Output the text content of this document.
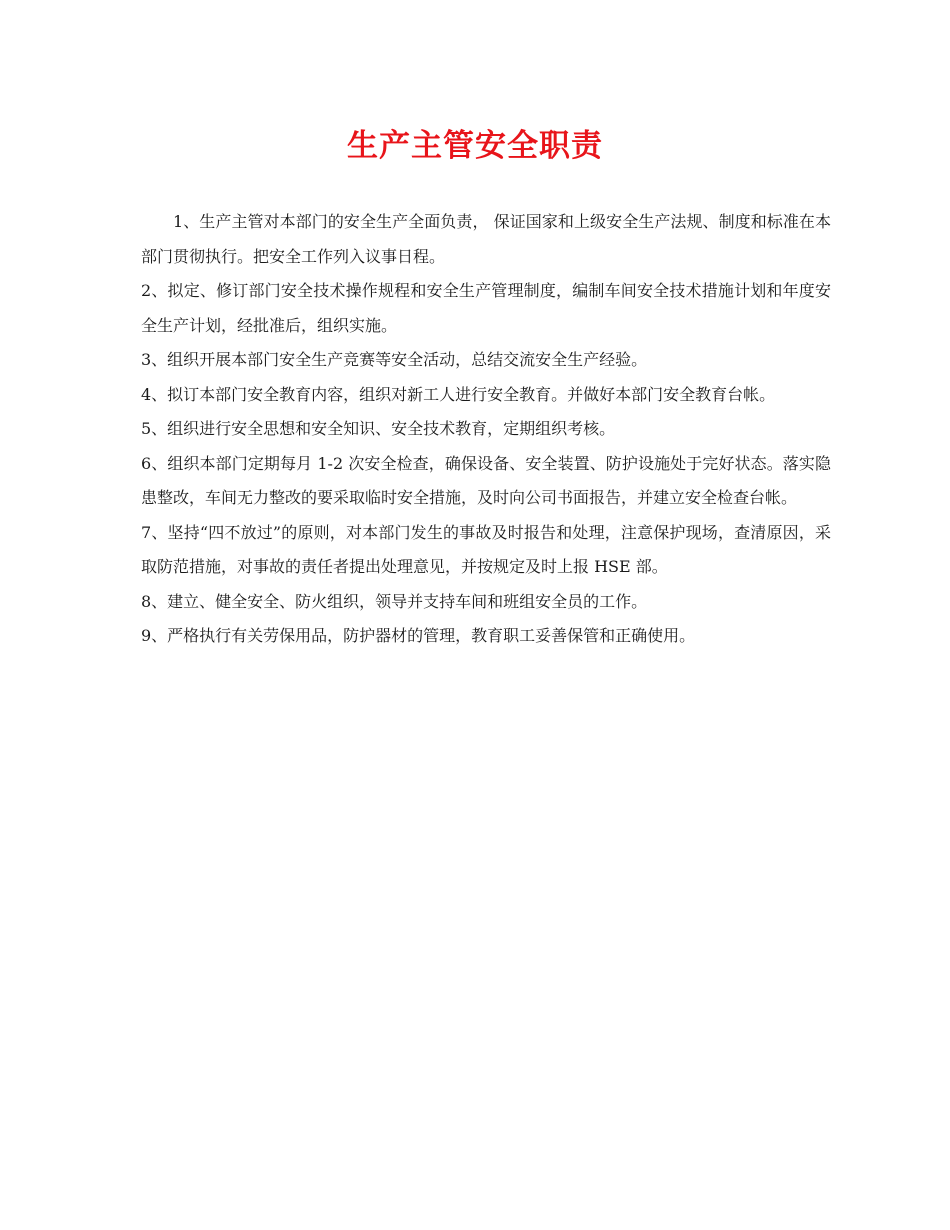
生产主管安全职责

1、生产主管对本部门的安全生产全面负责， 保证国家和上级安全生产法规、制度和标准在本部门贯彻执行。把安全工作列入议事日程。

2、拟定、修订部门安全技术操作规程和安全生产管理制度，编制车间安全技术措施计划和年度安全生产计划，经批准后，组织实施。

3、组织开展本部门安全生产竞赛等安全活动，总结交流安全生产经验。

4、拟订本部门安全教育内容，组织对新工人进行安全教育。并做好本部门安全教育台帐。

5、组织进行安全思想和安全知识、安全技术教育，定期组织考核。

6、组织本部门定期每月 1-2 次安全检查，确保设备、安全装置、防护设施处于完好状态。落实隐患整改，车间无力整改的要采取临时安全措施，及时向公司书面报告，并建立安全检查台帐。

7、坚持“四不放过”的原则，对本部门发生的事故及时报告和处理，注意保护现场，查清原因，采取防范措施，对事故的责任者提出处理意见，并按规定及时上报 HSE 部。

8、建立、健全安全、防火组织，领导并支持车间和班组安全员的工作。

9、严格执行有关劳保用品，防护器材的管理，教育职工妥善保管和正确使用。
